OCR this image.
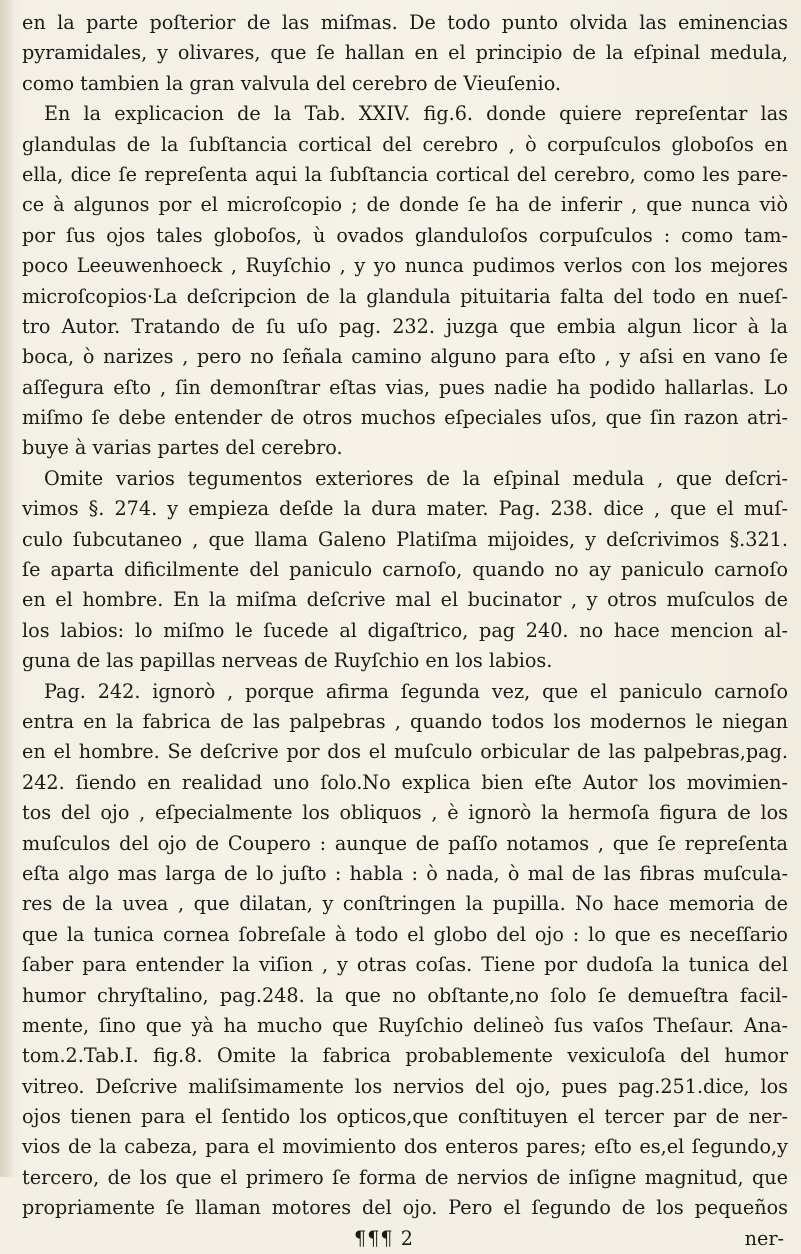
en la parte poſterior de las miſmas. De todo punto olvida las eminencias
pyramidales, y olivares, que ſe hallan en el principio de la eſpinal medula,
como tambien la gran valvula del cerebro de Vieuſenio.
En la explicacion de la Tab. XXIV. fig.6. donde quiere repreſentar las
glandulas de la ſubſtancia cortical del cerebro , ò corpuſculos globoſos en
ella, dice ſe repreſenta aqui la ſubſtancia cortical del cerebro, como les pare-
ce à algunos por el microſcopio ; de donde ſe ha de inferir , que nunca viò
por ſus ojos tales globoſos, ù ovados glanduloſos corpuſculos : como tam-
poco Leeuwenhoeck , Ruyſchio , y yo nunca pudimos verlos con los mejores
microſcopios·La deſcripcion de la glandula pituitaria falta del todo en nueſ-
tro Autor. Tratando de ſu uſo pag. 232. juzga que embia algun licor à la
boca, ò narizes , pero no ſeñala camino alguno para eſto , y aſsi en vano ſe
aſſegura eſto , ſin demonſtrar eſtas vias, pues nadie ha podido hallarlas. Lo
miſmo ſe debe entender de otros muchos eſpeciales uſos, que ſin razon atri-
buye à varias partes del cerebro.
Omite varios tegumentos exteriores de la eſpinal medula , que deſcri-
vimos §. 274. y empieza deſde la dura mater. Pag. 238. dice , que el muſ-
culo ſubcutaneo , que llama Galeno Platiſma mijoides, y deſcrivimos §.321.
ſe aparta dificilmente del paniculo carnoſo, quando no ay paniculo carnoſo
en el hombre. En la miſma deſcrive mal el bucinator , y otros muſculos de
los labios: lo miſmo le ſucede al digaſtrico, pag 240. no hace mencion al-
guna de las papillas nerveas de Ruyſchio en los labios.
Pag. 242. ignorò , porque afirma ſegunda vez, que el paniculo carnoſo
entra en la fabrica de las palpebras , quando todos los modernos le niegan
en el hombre. Se deſcrive por dos el muſculo orbicular de las palpebras,pag.
242. ſiendo en realidad uno ſolo.No explica bien eſte Autor los movimien-
tos del ojo , eſpecialmente los obliquos , è ignorò la hermoſa figura de los
muſculos del ojo de Coupero : aunque de paſſo notamos , que ſe repreſenta
eſta algo mas larga de lo juſto : habla : ò nada, ò mal de las fibras muſcula-
res de la uvea , que dilatan, y conſtringen la pupilla. No hace memoria de
que la tunica cornea ſobreſale à todo el globo del ojo : lo que es neceſſario
ſaber para entender la viſion , y otras coſas. Tiene por dudoſa la tunica del
humor chryſtalino, pag.248. la que no obſtante,no ſolo ſe demueſtra facil-
mente, ſino que yà ha mucho que Ruyſchio delineò ſus vaſos Theſaur. Ana-
tom.2.Tab.I. fig.8. Omite la fabrica probablemente vexiculoſa del humor
vitreo. Deſcrive maliſsimamente los nervios del ojo, pues pag.251.dice, los
ojos tienen para el ſentido los opticos,que conſtituyen el tercer par de ner-
vios de la cabeza, para el movimiento dos enteros pares; eſto es,el ſegundo,y
tercero, de los que el primero ſe forma de nervios de inſigne magnitud, que
propriamente ſe llaman motores del ojo. Pero el ſegundo de los pequeños
¶¶¶ 2	ner-
